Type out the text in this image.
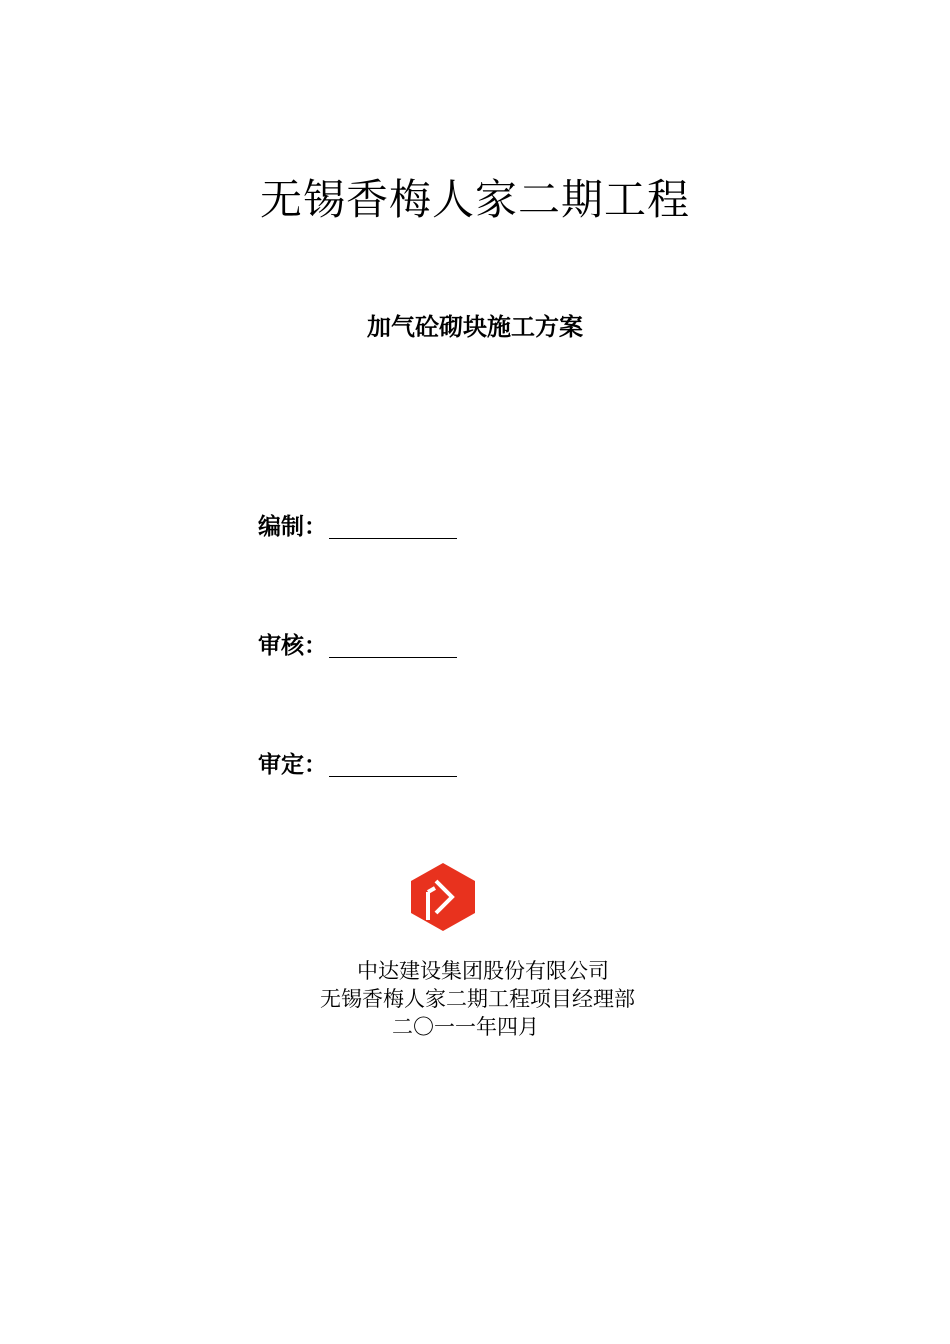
无锡香梅人家二期工程
加气砼砌块施工方案
编制：
审核：
审定：
中达建设集团股份有限公司
无锡香梅人家二期工程项目经理部
二〇一一年四月
